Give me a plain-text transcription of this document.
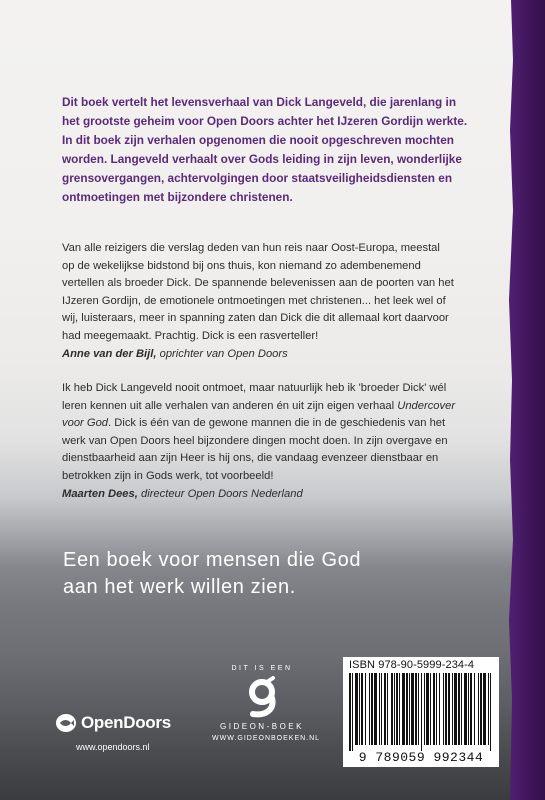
Dit boek vertelt het levensverhaal van Dick Langeveld, die jarenlang in
het grootste geheim voor Open Doors achter het IJzeren Gordijn werkte.
In dit boek zijn verhalen opgenomen die nooit opgeschreven mochten
worden. Langeveld verhaalt over Gods leiding in zijn leven, wonderlijke
grensovergangen, achtervolgingen door staatsveiligheidsdiensten en
ontmoetingen met bijzondere christenen.

Van alle reizigers die verslag deden van hun reis naar Oost-Europa, meestal
op de wekelijkse bidstond bij ons thuis, kon niemand zo adembenemend
vertellen als broeder Dick. De spannende belevenissen aan de poorten van het
IJzeren Gordijn, de emotionele ontmoetingen met christenen... het leek wel of
wij, luisteraars, meer in spanning zaten dan Dick die dit allemaal kort daarvoor
had meegemaakt. Prachtig. Dick is een rasverteller!
Anne van der Bijl, oprichter van Open Doors

Ik heb Dick Langeveld nooit ontmoet, maar natuurlijk heb ik 'broeder Dick' wél
leren kennen uit alle verhalen van anderen én uit zijn eigen verhaal Undercover
voor God. Dick is één van de gewone mannen die in de geschiedenis van het
werk van Open Doors heel bijzondere dingen mocht doen. In zijn overgave en
dienstbaarheid aan zijn Heer is hij ons, die vandaag evenzeer dienstbaar en
betrokken zijn in Gods werk, tot voorbeeld!
Maarten Dees, directeur Open Doors Nederland

Een boek voor mensen die God
aan het werk willen zien.

OpenDoors
www.opendoors.nl
DIT IS EEN
GIDEON-BOEK
WWW.GIDEONBOEKEN.NL
ISBN 978-90-5999-234-4
9 789059 992344
